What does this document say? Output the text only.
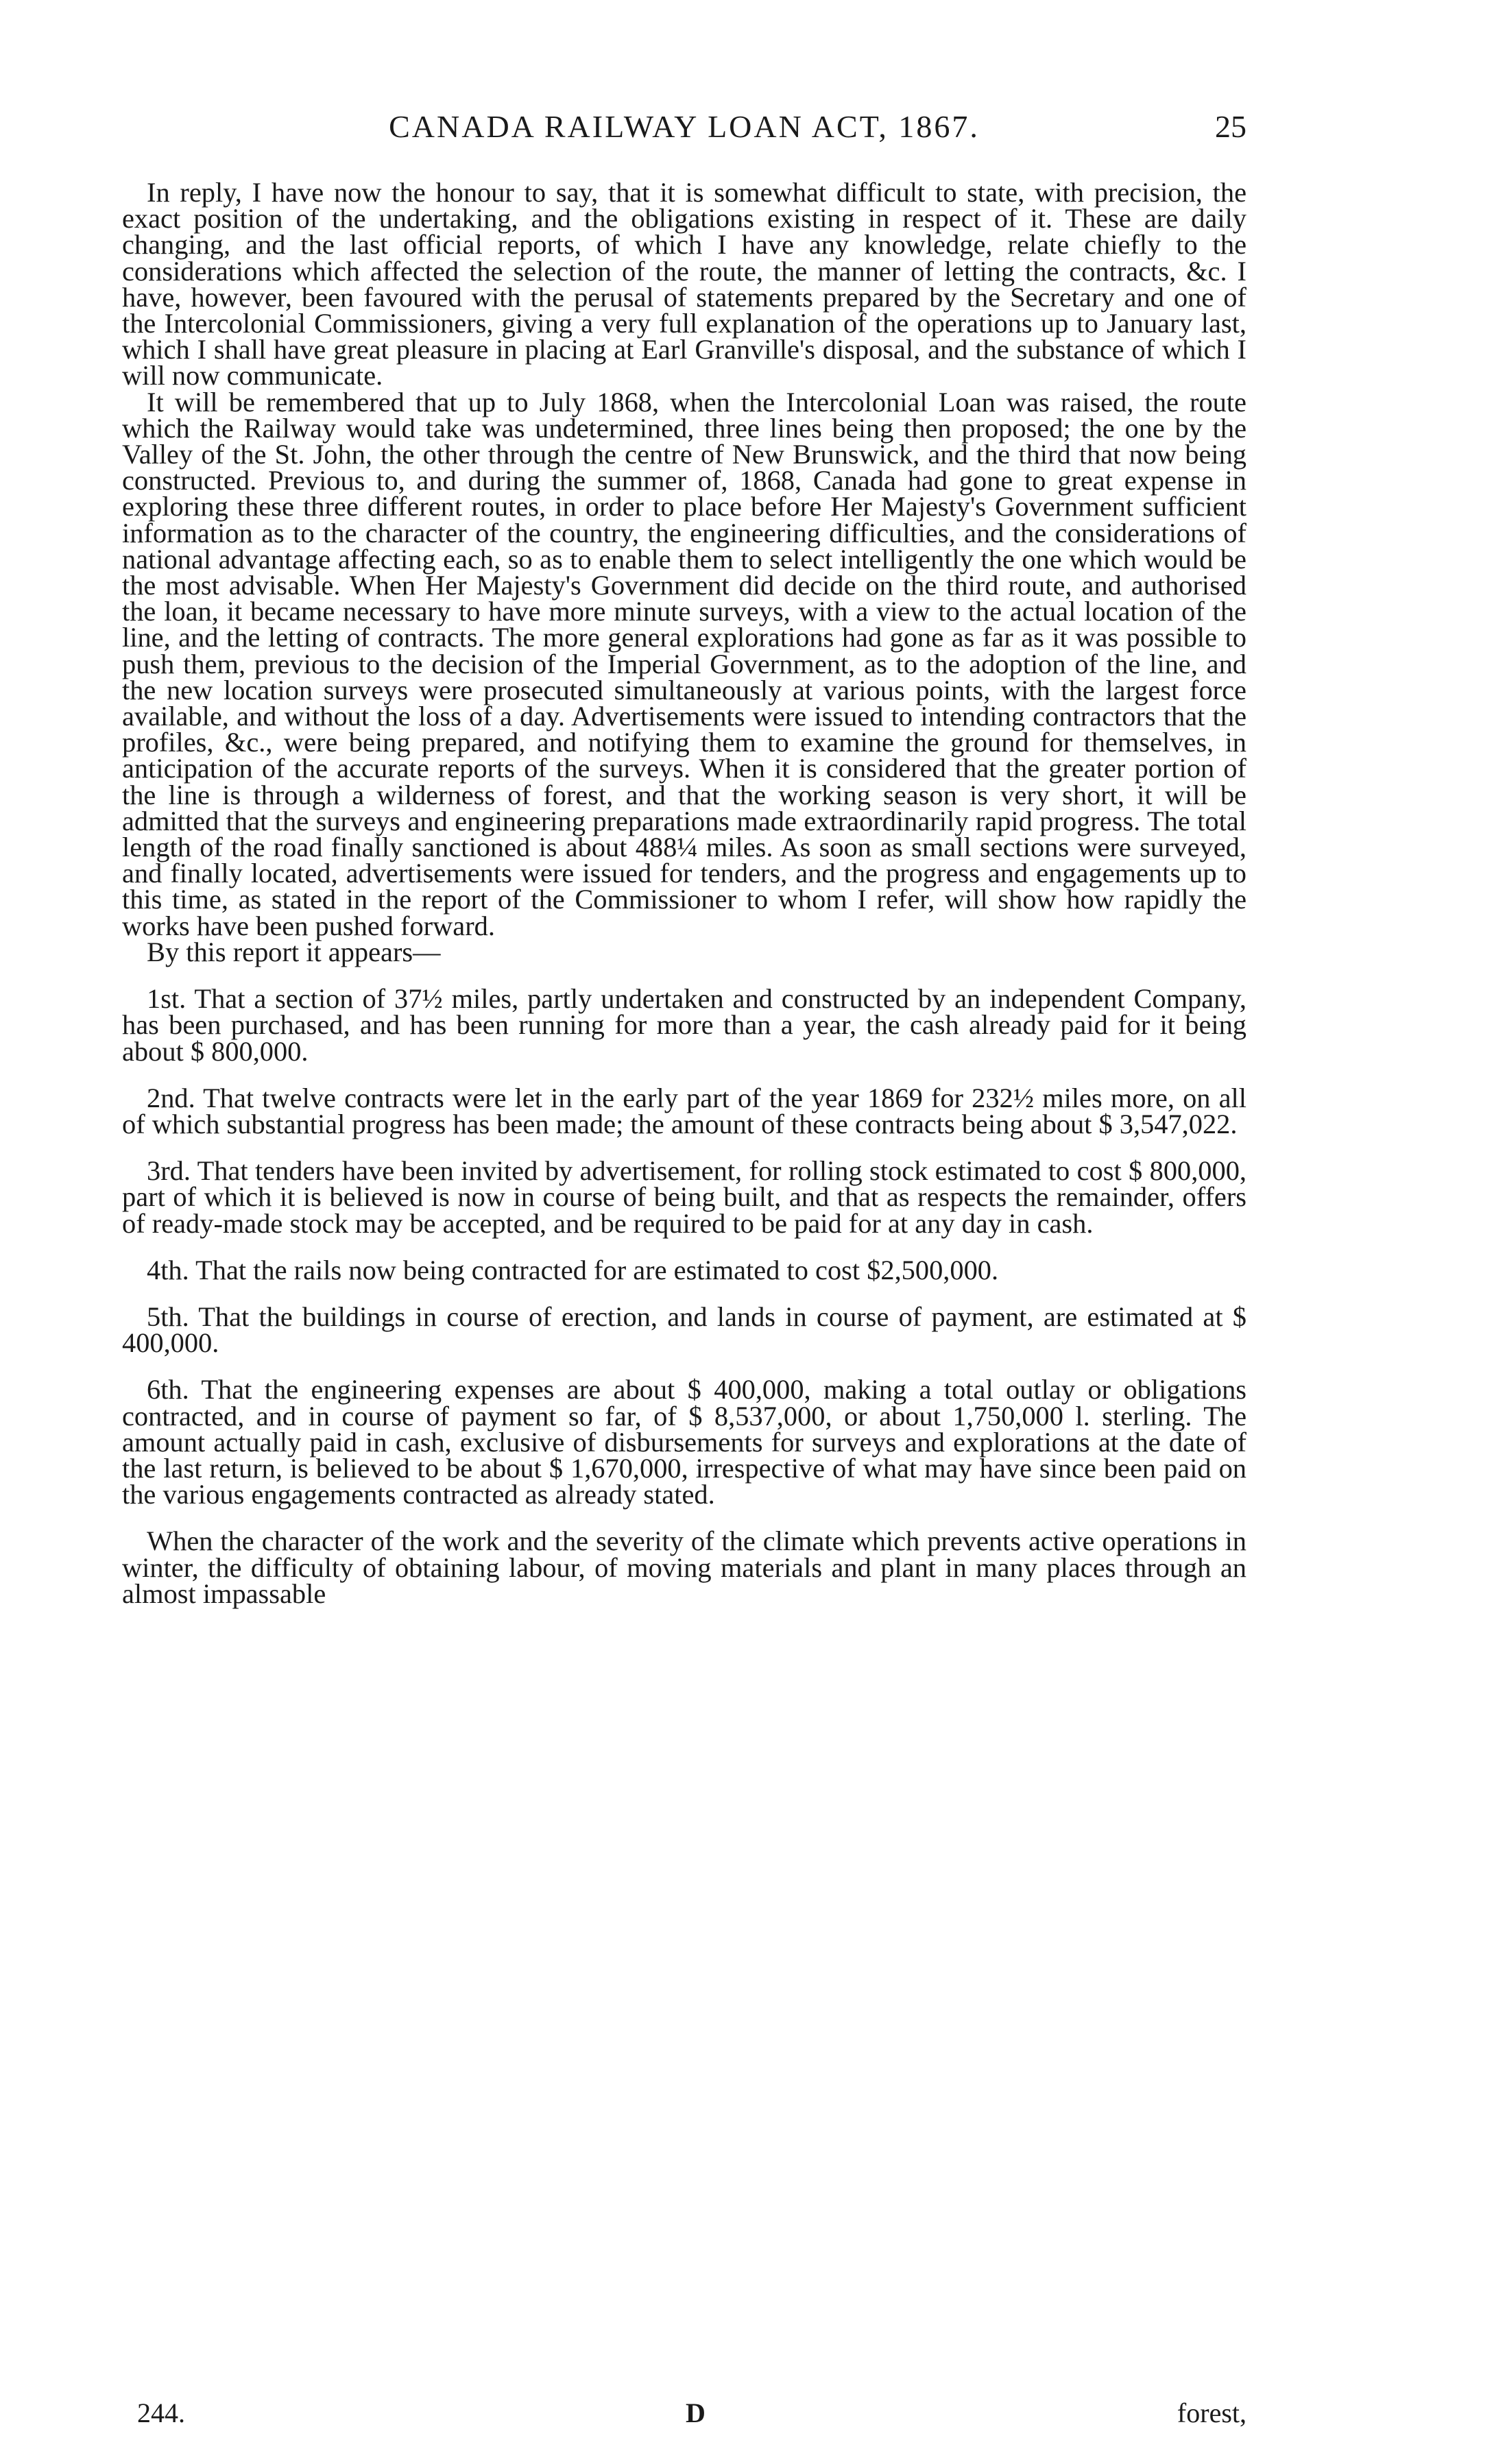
CANADA RAILWAY LOAN ACT, 1867.	25

In reply, I have now the honour to say, that it is somewhat difficult to state, with precision, the exact position of the undertaking, and the obligations existing in respect of it. These are daily changing, and the last official reports, of which I have any knowledge, relate chiefly to the considerations which affected the selection of the route, the manner of letting the contracts, &c. I have, however, been favoured with the perusal of statements prepared by the Secretary and one of the Intercolonial Commissioners, giving a very full explanation of the operations up to January last, which I shall have great pleasure in placing at Earl Granville's disposal, and the substance of which I will now communicate.

It will be remembered that up to July 1868, when the Intercolonial Loan was raised, the route which the Railway would take was undetermined, three lines being then proposed; the one by the Valley of the St. John, the other through the centre of New Brunswick, and the third that now being constructed. Previous to, and during the summer of, 1868, Canada had gone to great expense in exploring these three different routes, in order to place before Her Majesty's Government sufficient information as to the character of the country, the engineering difficulties, and the considerations of national advantage affecting each, so as to enable them to select intelligently the one which would be the most advisable. When Her Majesty's Government did decide on the third route, and authorised the loan, it became necessary to have more minute surveys, with a view to the actual location of the line, and the letting of contracts. The more general explorations had gone as far as it was possible to push them, previous to the decision of the Imperial Government, as to the adoption of the line, and the new location surveys were prosecuted simultaneously at various points, with the largest force available, and without the loss of a day. Advertisements were issued to intending contractors that the profiles, &c., were being prepared, and notifying them to examine the ground for themselves, in anticipation of the accurate reports of the surveys. When it is considered that the greater portion of the line is through a wilderness of forest, and that the working season is very short, it will be admitted that the surveys and engineering preparations made extraordinarily rapid progress. The total length of the road finally sanctioned is about 488¼ miles. As soon as small sections were surveyed, and finally located, advertisements were issued for tenders, and the progress and engagements up to this time, as stated in the report of the Commissioner to whom I refer, will show how rapidly the works have been pushed forward.

By this report it appears—

1st. That a section of 37½ miles, partly undertaken and constructed by an independent Company, has been purchased, and has been running for more than a year, the cash already paid for it being about $ 800,000.

2nd. That twelve contracts were let in the early part of the year 1869 for 232½ miles more, on all of which substantial progress has been made; the amount of these contracts being about $ 3,547,022.

3rd. That tenders have been invited by advertisement, for rolling stock estimated to cost $ 800,000, part of which it is believed is now in course of being built, and that as respects the remainder, offers of ready-made stock may be accepted, and be required to be paid for at any day in cash.

4th. That the rails now being contracted for are estimated to cost $2,500,000.

5th. That the buildings in course of erection, and lands in course of payment, are estimated at $ 400,000.

6th. That the engineering expenses are about $ 400,000, making a total outlay or obligations contracted, and in course of payment so far, of $ 8,537,000, or about 1,750,000 l. sterling. The amount actually paid in cash, exclusive of disbursements for surveys and explorations at the date of the last return, is believed to be about $ 1,670,000, irrespective of what may have since been paid on the various engagements contracted as already stated.

When the character of the work and the severity of the climate which prevents active operations in winter, the difficulty of obtaining labour, of moving materials and plant in many places through an almost impassable

244.	D	forest,
